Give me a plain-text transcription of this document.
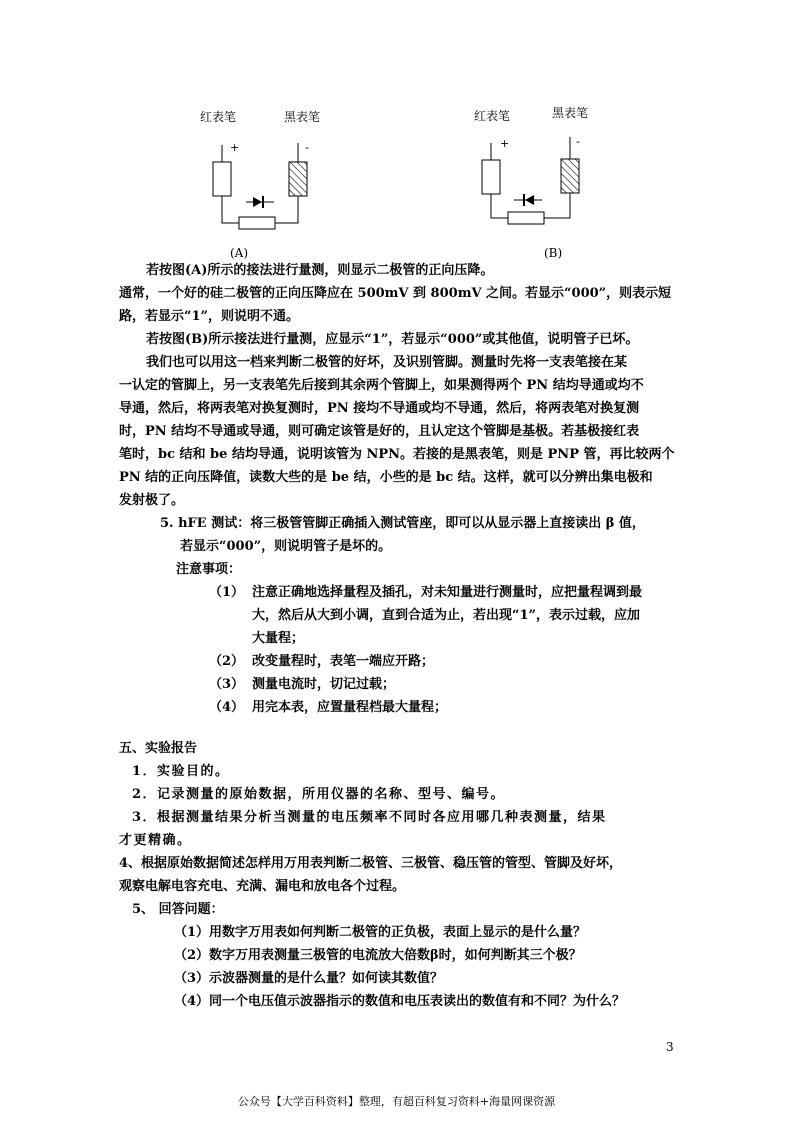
红表笔	黑表笔
+	-
(A)
红表笔	黑表笔
+	-
(B)
若按图(A)所示的接法进行量测，则显示二极管的正向压降。
通常，一个好的硅二极管的正向压降应在 500mV 到 800mV 之间。若显示“000”，则表示短
路，若显示“1”，则说明不通。
若按图(B)所示接法进行量测，应显示“1”，若显示“000”或其他值，说明管子已坏。
我们也可以用这一档来判断二极管的好坏，及识别管脚。测量时先将一支表笔接在某
一认定的管脚上，另一支表笔先后接到其余两个管脚上，如果测得两个 PN 结均导通或均不
导通，然后，将两表笔对换复测时，PN 接均不导通或均不导通，然后，将两表笔对换复测
时，PN 结均不导通或导通，则可确定该管是好的，且认定这个管脚是基极。若基极接红表
笔时，bc 结和 be 结均导通，说明该管为 NPN。若接的是黑表笔，则是 PNP 管，再比较两个
PN 结的正向压降值，读数大些的是 be 结，小些的是 bc 结。这样，就可以分辨出集电极和
发射极了。
5. hFE 测试：将三极管管脚正确插入测试管座，即可以从显示器上直接读出 β 值，
若显示“000”，则说明管子是坏的。
注意事项：
（1） 注意正确地选择量程及插孔，对未知量进行测量时，应把量程调到最
大，然后从大到小调，直到合适为止，若出现“1”，表示过载，应加
大量程；
（2） 改变量程时，表笔一端应开路；
（3） 测量电流时，切记过载；
（4） 用完本表，应置量程档最大量程；
五、实验报告
1．实验目的。
2．记录测量的原始数据，所用仪器的名称、型号、编号。
3．根据测量结果分析当测量的电压频率不同时各应用哪几种表测量，结果
才更精确。
4、根据原始数据简述怎样用万用表判断二极管、三极管、稳压管的管型、管脚及好坏，
观察电解电容充电、充满、漏电和放电各个过程。
5、 回答问题：
（1）用数字万用表如何判断二极管的正负极，表面上显示的是什么量？
（2）数字万用表测量三极管的电流放大倍数β时，如何判断其三个极？
（3）示波器测量的是什么量？如何读其数值？
（4）同一个电压值示波器指示的数值和电压表读出的数值有和不同？为什么？
3
公众号【大学百科资料】整理，有超百科复习资料+海量网课资源
